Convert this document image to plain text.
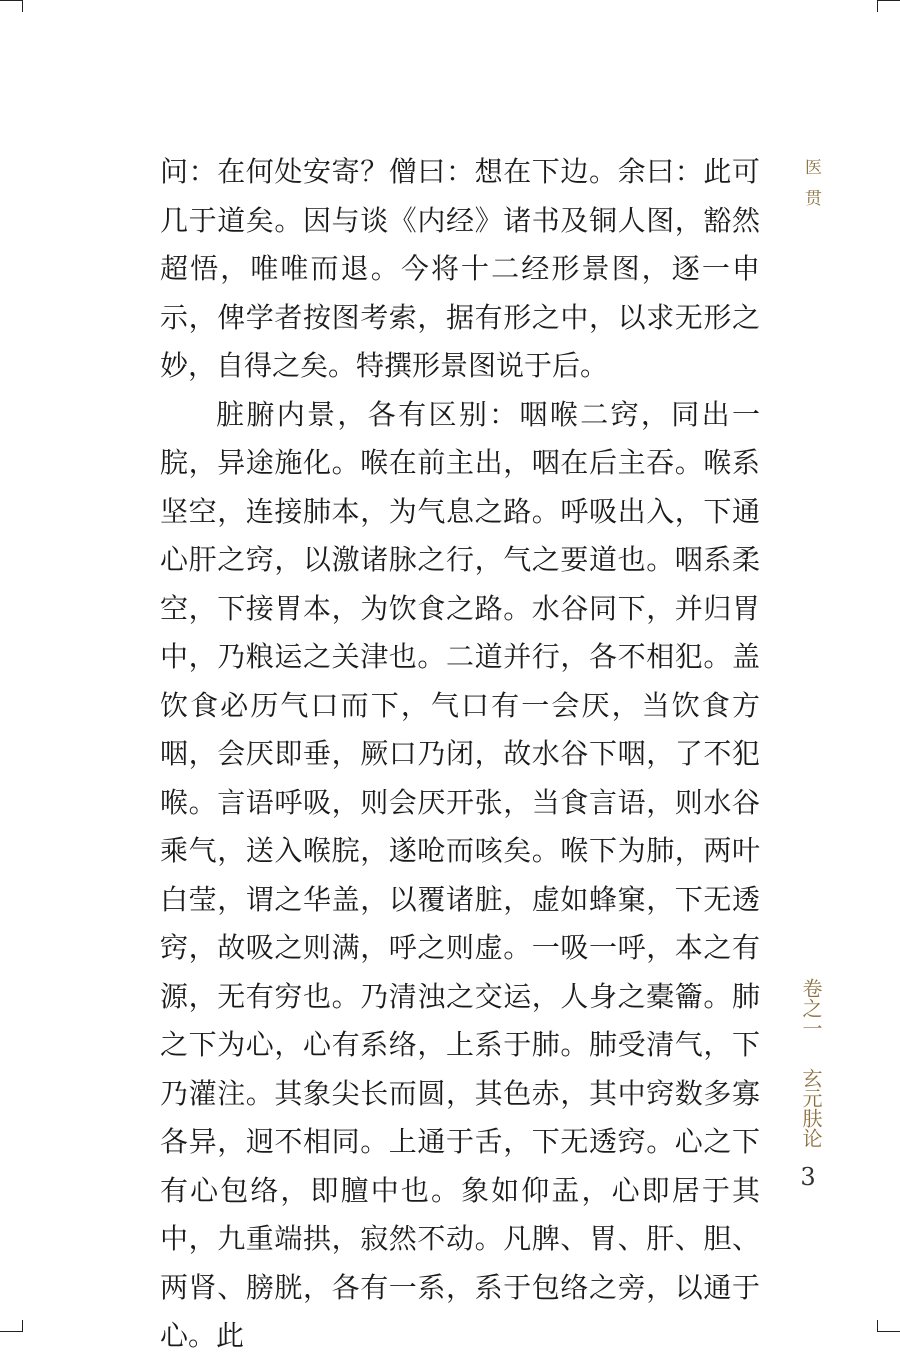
问：在何处安寄？僧曰：想在下边。余曰：此可几于道矣。因与谈《内经》诸书及铜人图，豁然超悟，唯唯而退。今将十二经形景图，逐一申示，俾学者按图考索，据有形之中，以求无形之妙，自得之矣。特撰形景图说于后。

脏腑内景，各有区别：咽喉二窍，同出一脘，异途施化。喉在前主出，咽在后主吞。喉系坚空，连接肺本，为气息之路。呼吸出入，下通心肝之窍，以激诸脉之行，气之要道也。咽系柔空，下接胃本，为饮食之路。水谷同下，并归胃中，乃粮运之关津也。二道并行，各不相犯。盖饮食必历气口而下，气口有一会厌，当饮食方咽，会厌即垂，厥口乃闭，故水谷下咽，了不犯喉。言语呼吸，则会厌开张，当食言语，则水谷乘气，送入喉脘，遂呛而咳矣。喉下为肺，两叶白莹，谓之华盖，以覆诸脏，虚如蜂窠，下无透窍，故吸之则满，呼之则虚。一吸一呼，本之有源，无有穷也。乃清浊之交运，人身之橐籥。肺之下为心，心有系络，上系于肺。肺受清气，下乃灌注。其象尖长而圆，其色赤，其中窍数多寡各异，迥不相同。上通于舌，下无透窍。心之下有心包络，即膻中也。象如仰盂，心即居于其中，九重端拱，寂然不动。凡脾、胃、肝、胆、两肾、膀胱，各有一系，系于包络之旁，以通于心。此

医贯
卷之一
玄元肤论
3
